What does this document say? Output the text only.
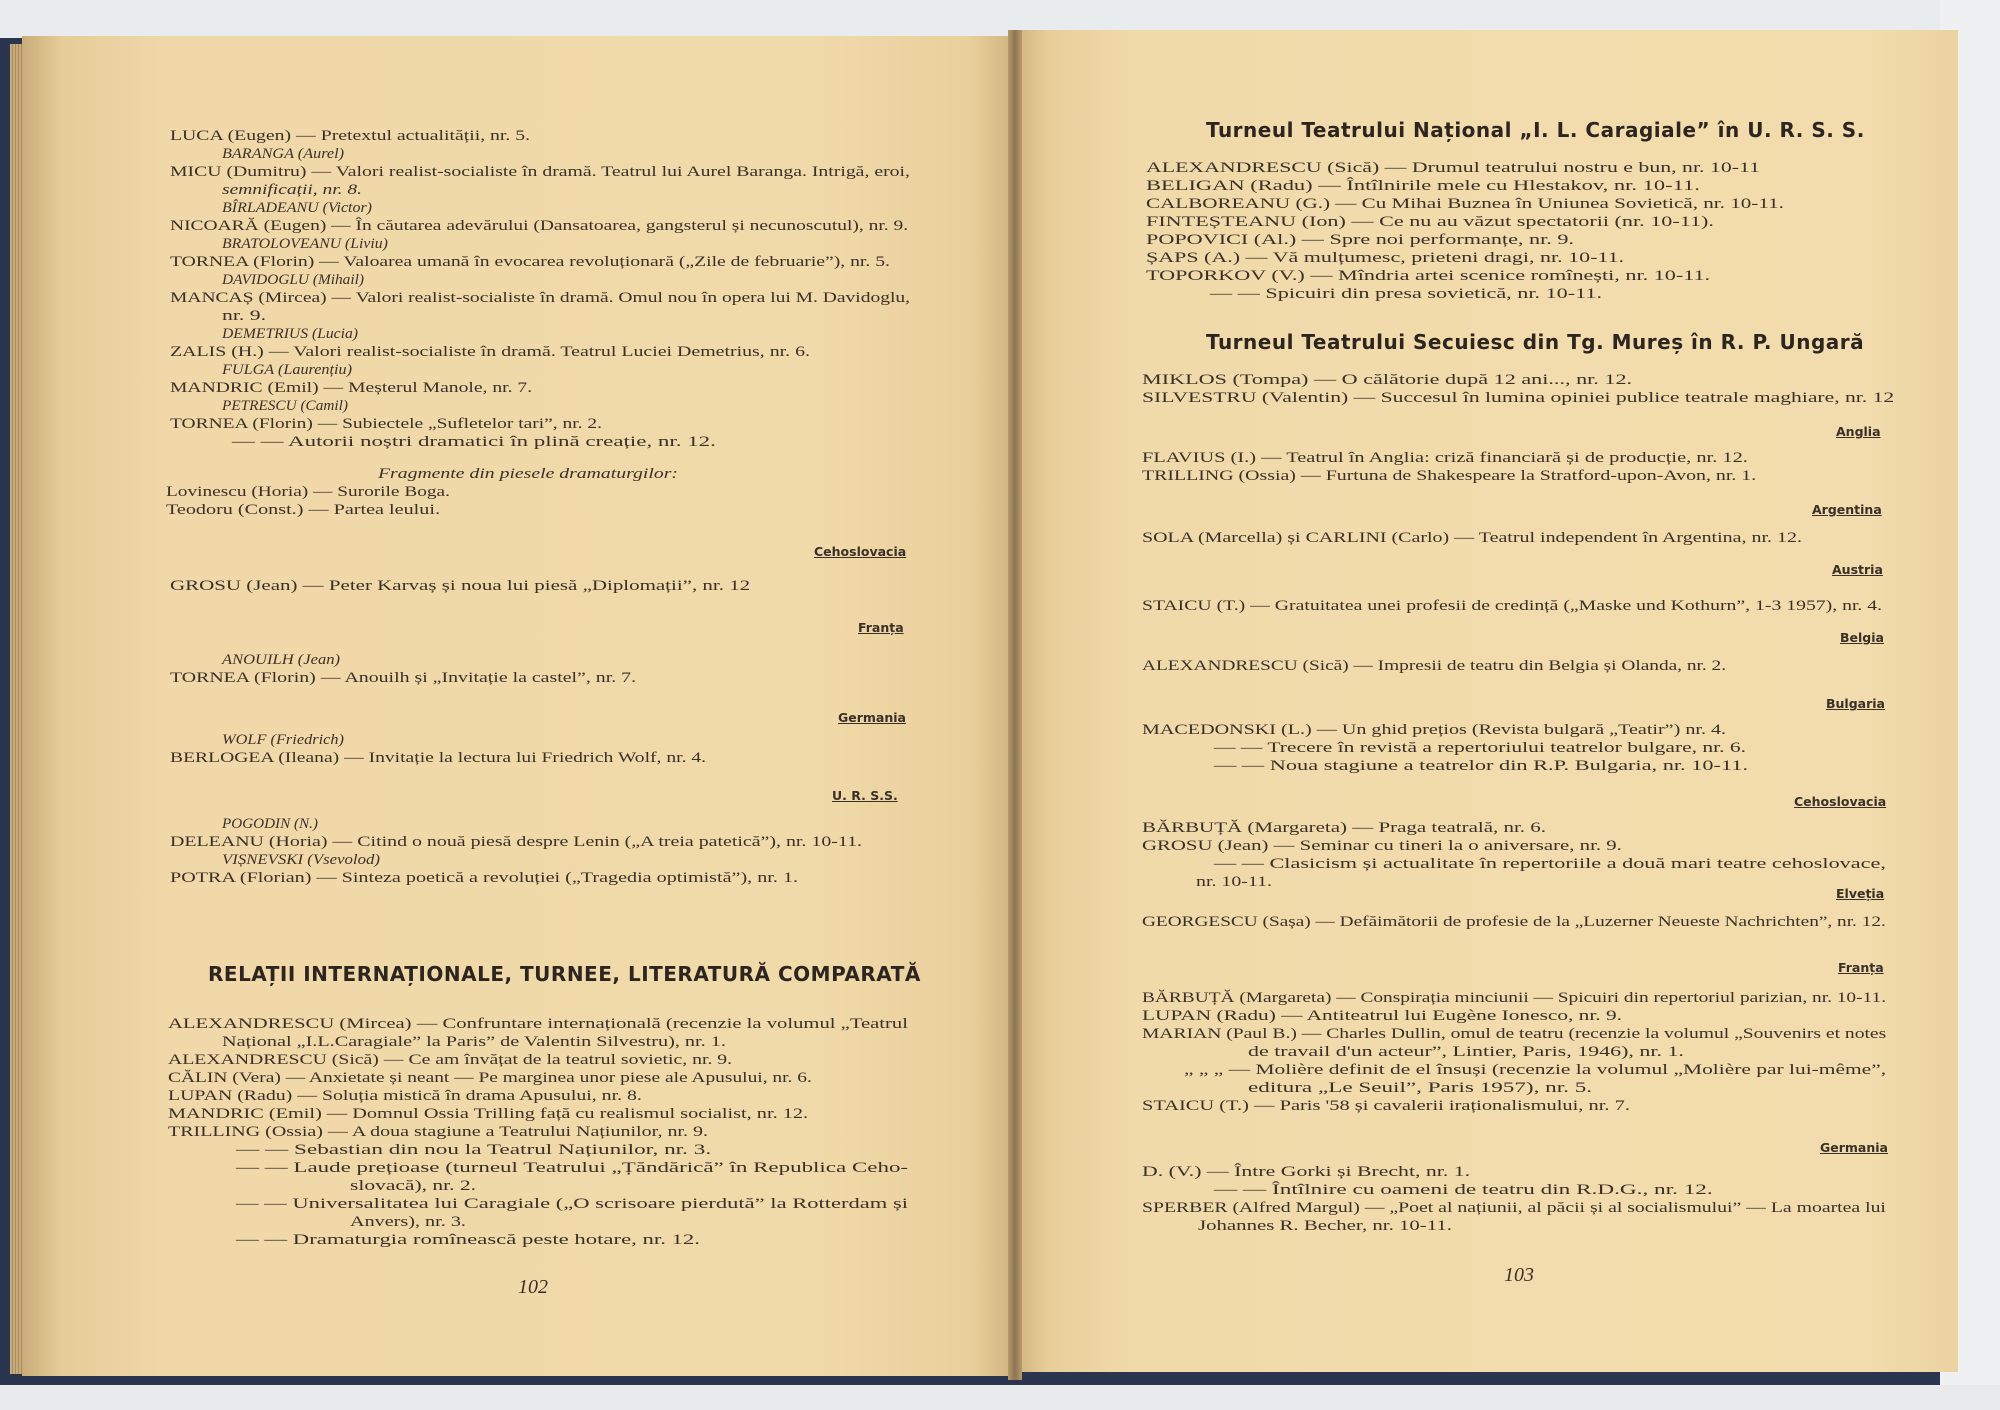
LUCA (Eugen) — Pretextul actualității, nr. 5.
BARANGA (Aurel)
MICU (Dumitru) — Valori realist-socialiste în dramă. Teatrul lui Aurel Baranga. Intrigă, eroi,
semnificații, nr. 8.
BÎRLADEANU (Victor)
NICOARĂ (Eugen) — În căutarea adevărului (Dansatoarea, gangsterul și necunoscutul), nr. 9.
BRATOLOVEANU (Liviu)
TORNEA (Florin) — Valoarea umană în evocarea revoluționară („Zile de februarie”), nr. 5.
DAVIDOGLU (Mihail)
MANCAȘ (Mircea) — Valori realist-socialiste în dramă. Omul nou în opera lui M. Davidoglu,
nr. 9.
DEMETRIUS (Lucia)
ZALIS (H.) — Valori realist-socialiste în dramă. Teatrul Luciei Demetrius, nr. 6.
FULGA (Laurențiu)
MANDRIC (Emil) — Meșterul Manole, nr. 7.
PETRESCU (Camil)
TORNEA (Florin) — Subiectele „Sufletelor tari”, nr. 2.
— — Autorii noștri dramatici în plină creație, nr. 12.
Fragmente din piesele dramaturgilor:
Lovinescu (Horia) — Surorile Boga.
Teodoru (Const.) — Partea leului.
GROSU (Jean) — Peter Karvaș și noua lui piesă „Diplomații”, nr. 12
ANOUILH (Jean)
TORNEA (Florin) — Anouilh și „Invitație la castel”, nr. 7.
WOLF (Friedrich)
BERLOGEA (Ileana) — Invitație la lectura lui Friedrich Wolf, nr. 4.
POGODIN (N.)
DELEANU (Horia) — Citind o nouă piesă despre Lenin („A treia patetică”), nr. 10-11.
VIȘNEVSKI (Vsevolod)
POTRA (Florian) — Sinteza poetică a revoluției („Tragedia optimistă”), nr. 1.
ALEXANDRESCU (Mircea) — Confruntare internațională (recenzie la volumul „Teatrul
Național „I.L.Caragiale” la Paris” de Valentin Silvestru), nr. 1.
ALEXANDRESCU (Sică) — Ce am învățat de la teatrul sovietic, nr. 9.
CĂLIN (Vera) — Anxietate și neant — Pe marginea unor piese ale Apusului, nr. 6.
LUPAN (Radu) — Soluția mistică în drama Apusului, nr. 8.
MANDRIC (Emil) — Domnul Ossia Trilling față cu realismul socialist, nr. 12.
TRILLING (Ossia) — A doua stagiune a Teatrului Națiunilor, nr. 9.
— — Sebastian din nou la Teatrul Națiunilor, nr. 3.
— — Laude prețioase (turneul Teatrului „Țăndărică” în Republica Ceho-
slovacă), nr. 2.
— — Universalitatea lui Caragiale („O scrisoare pierdută” la Rotterdam și
Anvers), nr. 3.
— — Dramaturgia romînească peste hotare, nr. 12.
Cehoslovacia
Franța
Germania
U. R. S.S.
RELAȚII INTERNAȚIONALE, TURNEE, LITERATURĂ COMPARATĂ
ALEXANDRESCU (Sică) — Drumul teatrului nostru e bun, nr. 10-11
BELIGAN (Radu) — Întîlnirile mele cu Hlestakov, nr. 10-11.
CALBOREANU (G.) — Cu Mihai Buznea în Uniunea Sovietică, nr. 10-11.
FINTEȘTEANU (Ion) — Ce nu au văzut spectatorii (nr. 10-11).
POPOVICI (Al.) — Spre noi performanțe, nr. 9.
ȘAPS (A.) — Vă mulțumesc, prieteni dragi, nr. 10-11.
TOPORKOV (V.) — Mîndria artei scenice romînești, nr. 10-11.
— — Spicuiri din presa sovietică, nr. 10-11.
MIKLOS (Tompa) — O călătorie după 12 ani..., nr. 12.
SILVESTRU (Valentin) — Succesul în lumina opiniei publice teatrale maghiare, nr. 12
FLAVIUS (I.) — Teatrul în Anglia: criză financiară și de producție, nr. 12.
TRILLING (Ossia) — Furtuna de Shakespeare la Stratford-upon-Avon, nr. 1.
SOLA (Marcella) și CARLINI (Carlo) — Teatrul independent în Argentina, nr. 12.
STAICU (T.) — Gratuitatea unei profesii de credință („Maske und Kothurn”, 1-3 1957), nr. 4.
ALEXANDRESCU (Sică) — Impresii de teatru din Belgia și Olanda, nr. 2.
MACEDONSKI (L.) — Un ghid prețios (Revista bulgară „Teatir”) nr. 4.
— — Trecere în revistă a repertoriului teatrelor bulgare, nr. 6.
— — Noua stagiune a teatrelor din R.P. Bulgaria, nr. 10-11.
BĂRBUȚĂ (Margareta) — Praga teatrală, nr. 6.
GROSU (Jean) — Seminar cu tineri la o aniversare, nr. 9.
— — Clasicism și actualitate în repertoriile a două mari teatre cehoslovace,
nr. 10-11.
GEORGESCU (Sașa) — Defăimătorii de profesie de la „Luzerner Neueste Nachrichten”, nr. 12.
BĂRBUȚĂ (Margareta) — Conspirația minciunii — Spicuiri din repertoriul parizian, nr. 10-11.
LUPAN (Radu) — Antiteatrul lui Eugène Ionesco, nr. 9.
MARIAN (Paul B.) — Charles Dullin, omul de teatru (recenzie la volumul „Souvenirs et notes
de travail d'un acteur”, Lintier, Paris, 1946), nr. 1.
„ „ „ — Molière definit de el însuși (recenzie la volumul „Molière par lui-même”,
editura „Le Seuil”, Paris 1957), nr. 5.
STAICU (T.) — Paris '58 și cavalerii iraționalismului, nr. 7.
D. (V.) — Între Gorki și Brecht, nr. 1.
— — Întîlnire cu oameni de teatru din R.D.G., nr. 12.
SPERBER (Alfred Margul) — „Poet al națiunii, al păcii și al socialismului” — La moartea lui
Johannes R. Becher, nr. 10-11.
Anglia
Argentina
Austria
Belgia
Bulgaria
Cehoslovacia
Elveția
Franța
Germania
Turneul Teatrului Național „I. L. Caragiale” în U. R. S. S.
Turneul Teatrului Secuiesc din Tg. Mureș în R. P. Ungară
102
103
